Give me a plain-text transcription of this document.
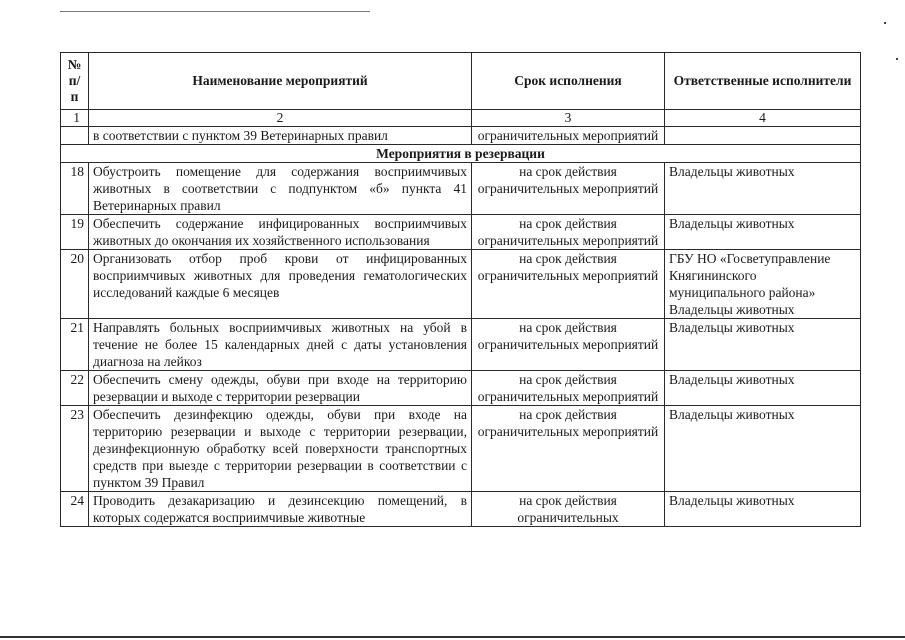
№ п/п	Наименование мероприятий	Срок исполнения	Ответственные исполнители
1	2	3	4
	в соответствии с пунктом 39 Ветеринарных правил	ограничительных мероприятий	
Мероприятия в резервации			
18	Обустроить помещение для содержания восприимчивых животных в соответствии с подпунктом «б» пункта 41 Ветеринарных правил	на срок действия ограничительных мероприятий	Владельцы животных
19	Обеспечить содержание инфицированных восприимчивых животных до окончания их хозяйственного использования	на срок действия ограничительных мероприятий	Владельцы животных
20	Организовать отбор проб крови от инфицированных восприимчивых животных для проведения гематологических исследований каждые 6 месяцев	на срок действия ограничительных мероприятий	ГБУ НО «Госветуправление Княгининского муниципального района» Владельцы животных
21	Направлять больных восприимчивых животных на убой в течение не более 15 календарных дней с даты установления диагноза на лейкоз	на срок действия ограничительных мероприятий	Владельцы животных
22	Обеспечить смену одежды, обуви при входе на территорию резервации и выходе с территории резервации	на срок действия ограничительных мероприятий	Владельцы животных
23	Обеспечить дезинфекцию одежды, обуви при входе на территорию резервации и выходе с территории резервации, дезинфекционную обработку всей поверхности транспортных средств при выезде с территории резервации в соответствии с пунктом 39 Правил	на срок действия ограничительных мероприятий	Владельцы животных
24	Проводить дезакаризацию и дезинсекцию помещений, в которых содержатся восприимчивые животные	на срок действия ограничительных	Владельцы животных
